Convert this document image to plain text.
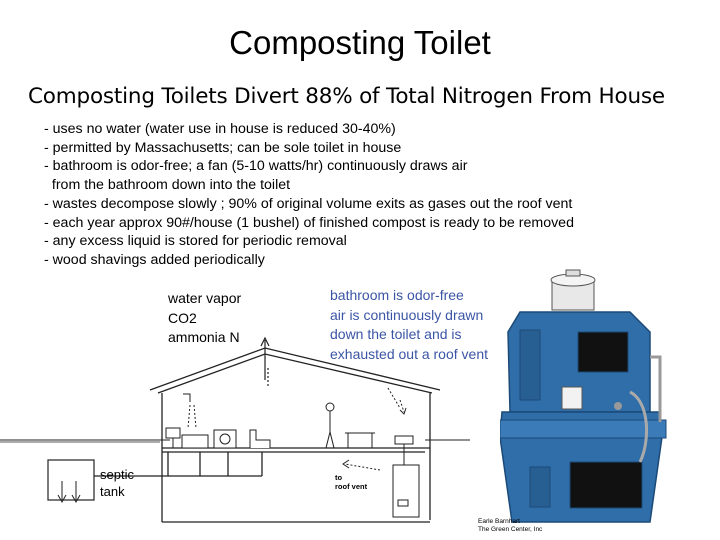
Composting Toilet
Composting Toilets Divert 88% of Total Nitrogen From House
- uses no water (water use in house is reduced 30-40%)
- permitted by Massachusetts; can be sole toilet in house
- bathroom is odor-free; a fan (5-10 watts/hr) continuously draws air
from the bathroom down into the toilet
- wastes decompose slowly ; 90% of original volume exits as gases out the roof vent
- each year approx 90#/house (1 bushel) of finished compost is ready to be removed
- any excess liquid is stored for periodic removal
- wood shavings added periodically
water vapor
CO2
ammonia N
bathroom is odor-free
air is continuously drawn
down the toilet and is
exhausted out a roof vent
septic
tank
to
roof vent
Earle Barnhart
The Green Center, Inc
